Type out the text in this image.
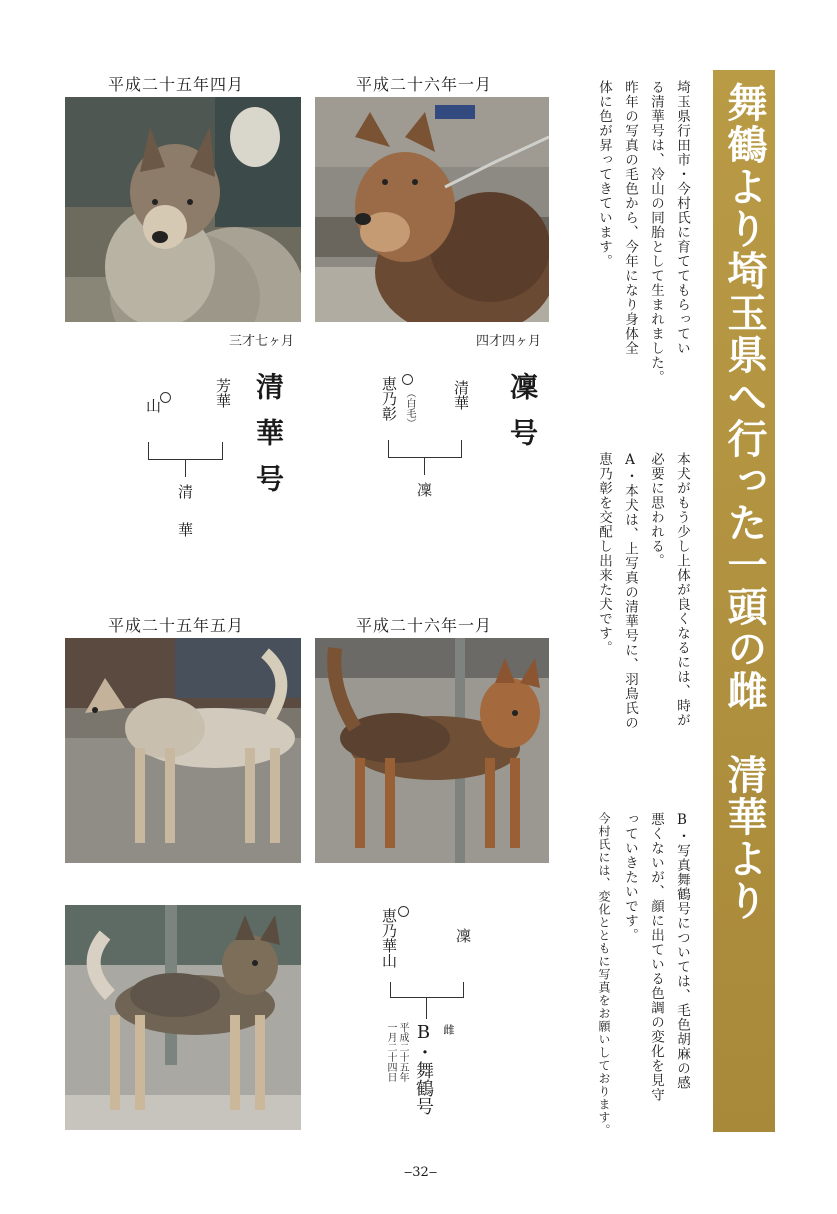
平成二十五年四月	平成二十六年一月
平成二十五年五月	平成二十六年一月
三才七ヶ月	四才四ヶ月
清華号
芳華
山
清
華
凜号
清華
（白毛）
恵乃彰
凜
恵乃華山	凜
雌
B・舞鶴号
平成二十五年一月二十四日
埼玉県行田市・今村氏に育ててもらってい
る清華号は、冷山の同胎として生まれました。
昨年の写真の毛色から、今年になり身体全
体に色が昇ってきています。
本犬がもう少し上体が良くなるには、時が
必要に思われる。
A・本犬は、上写真の清華号に、羽鳥氏の
恵乃彰を交配し出来た犬です。
B・写真舞鶴号については、毛色胡麻の感
悪くないが、顔に出ている色調の変化を見守
っていきたいです。
今村氏には、変化とともに写真をお願いしております。
舞鶴より埼玉県へ行った一頭の雌　清華より
‒32‒
